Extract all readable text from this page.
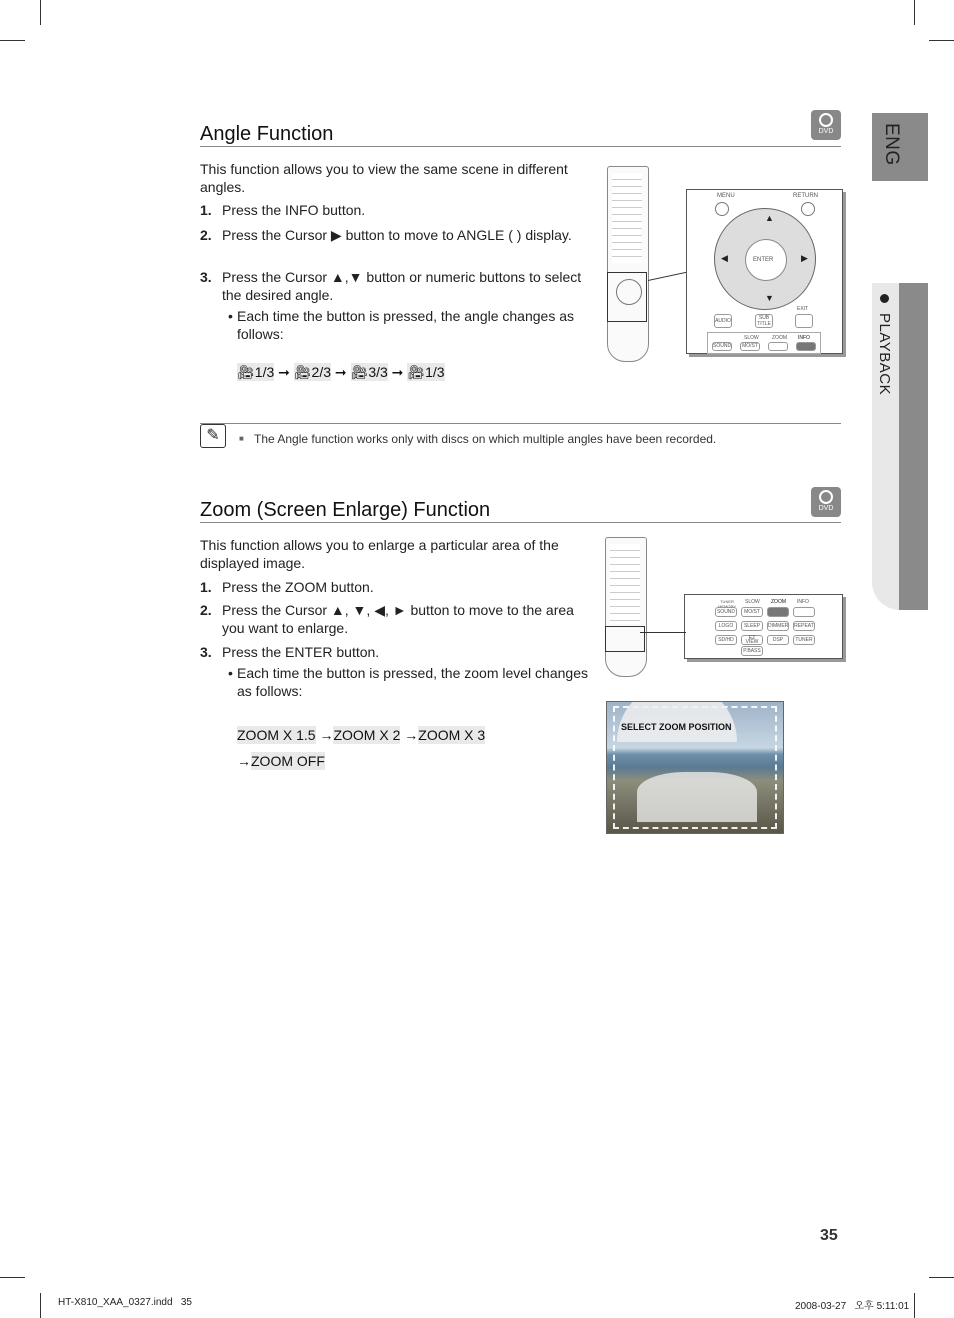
ENG
PLAYBACK
Angle Function	DVD
This function allows you to view the same scene in different angles.
1. Press the INFO button.
2. Press the Cursor ▶ button to move to ANGLE ( ) display.
3. Press the Cursor ▲,▼ button or numeric buttons to select the desired angle.
• Each time the button is pressed, the angle changes as follows:
🎥︎1/3 ➞ 🎥︎2/3 ➞ 🎥︎3/3 ➞ 🎥︎1/3
MENU	RETURN
▲
▼
◀	▶
ENTER
EXIT
AUDIO	SUB TITLE
SLOW	ZOOM INFO
SOUND	MO/ST
✎	■ The Angle function works only with discs on which multiple angles have been recorded.
Zoom (Screen Enlarge) Function	DVD
This function allows you to enlarge a particular area of the displayed image.
1. Press the ZOOM button.
2. Press the Cursor ▲, ▼, ◀, ► button to move to the area you want to enlarge.
3. Press the ENTER button.
• Each time the button is pressed, the zoom level changes as follows:
ZOOM X 1.5 →ZOOM X 2 →ZOOM X 3
→ZOOM OFF
TUNER MEMORY
SLOW ZOOM INFO
SOUND	MO/ST
LOGO	SLEEP	DIMMER REPEAT
SD/HD	EZ VIEW	DSP	TUNER
P.BASS
SELECT ZOOM POSITION
35
HT-X810_XAA_0327.indd   35	2008-03-27   오후 5:11:01
